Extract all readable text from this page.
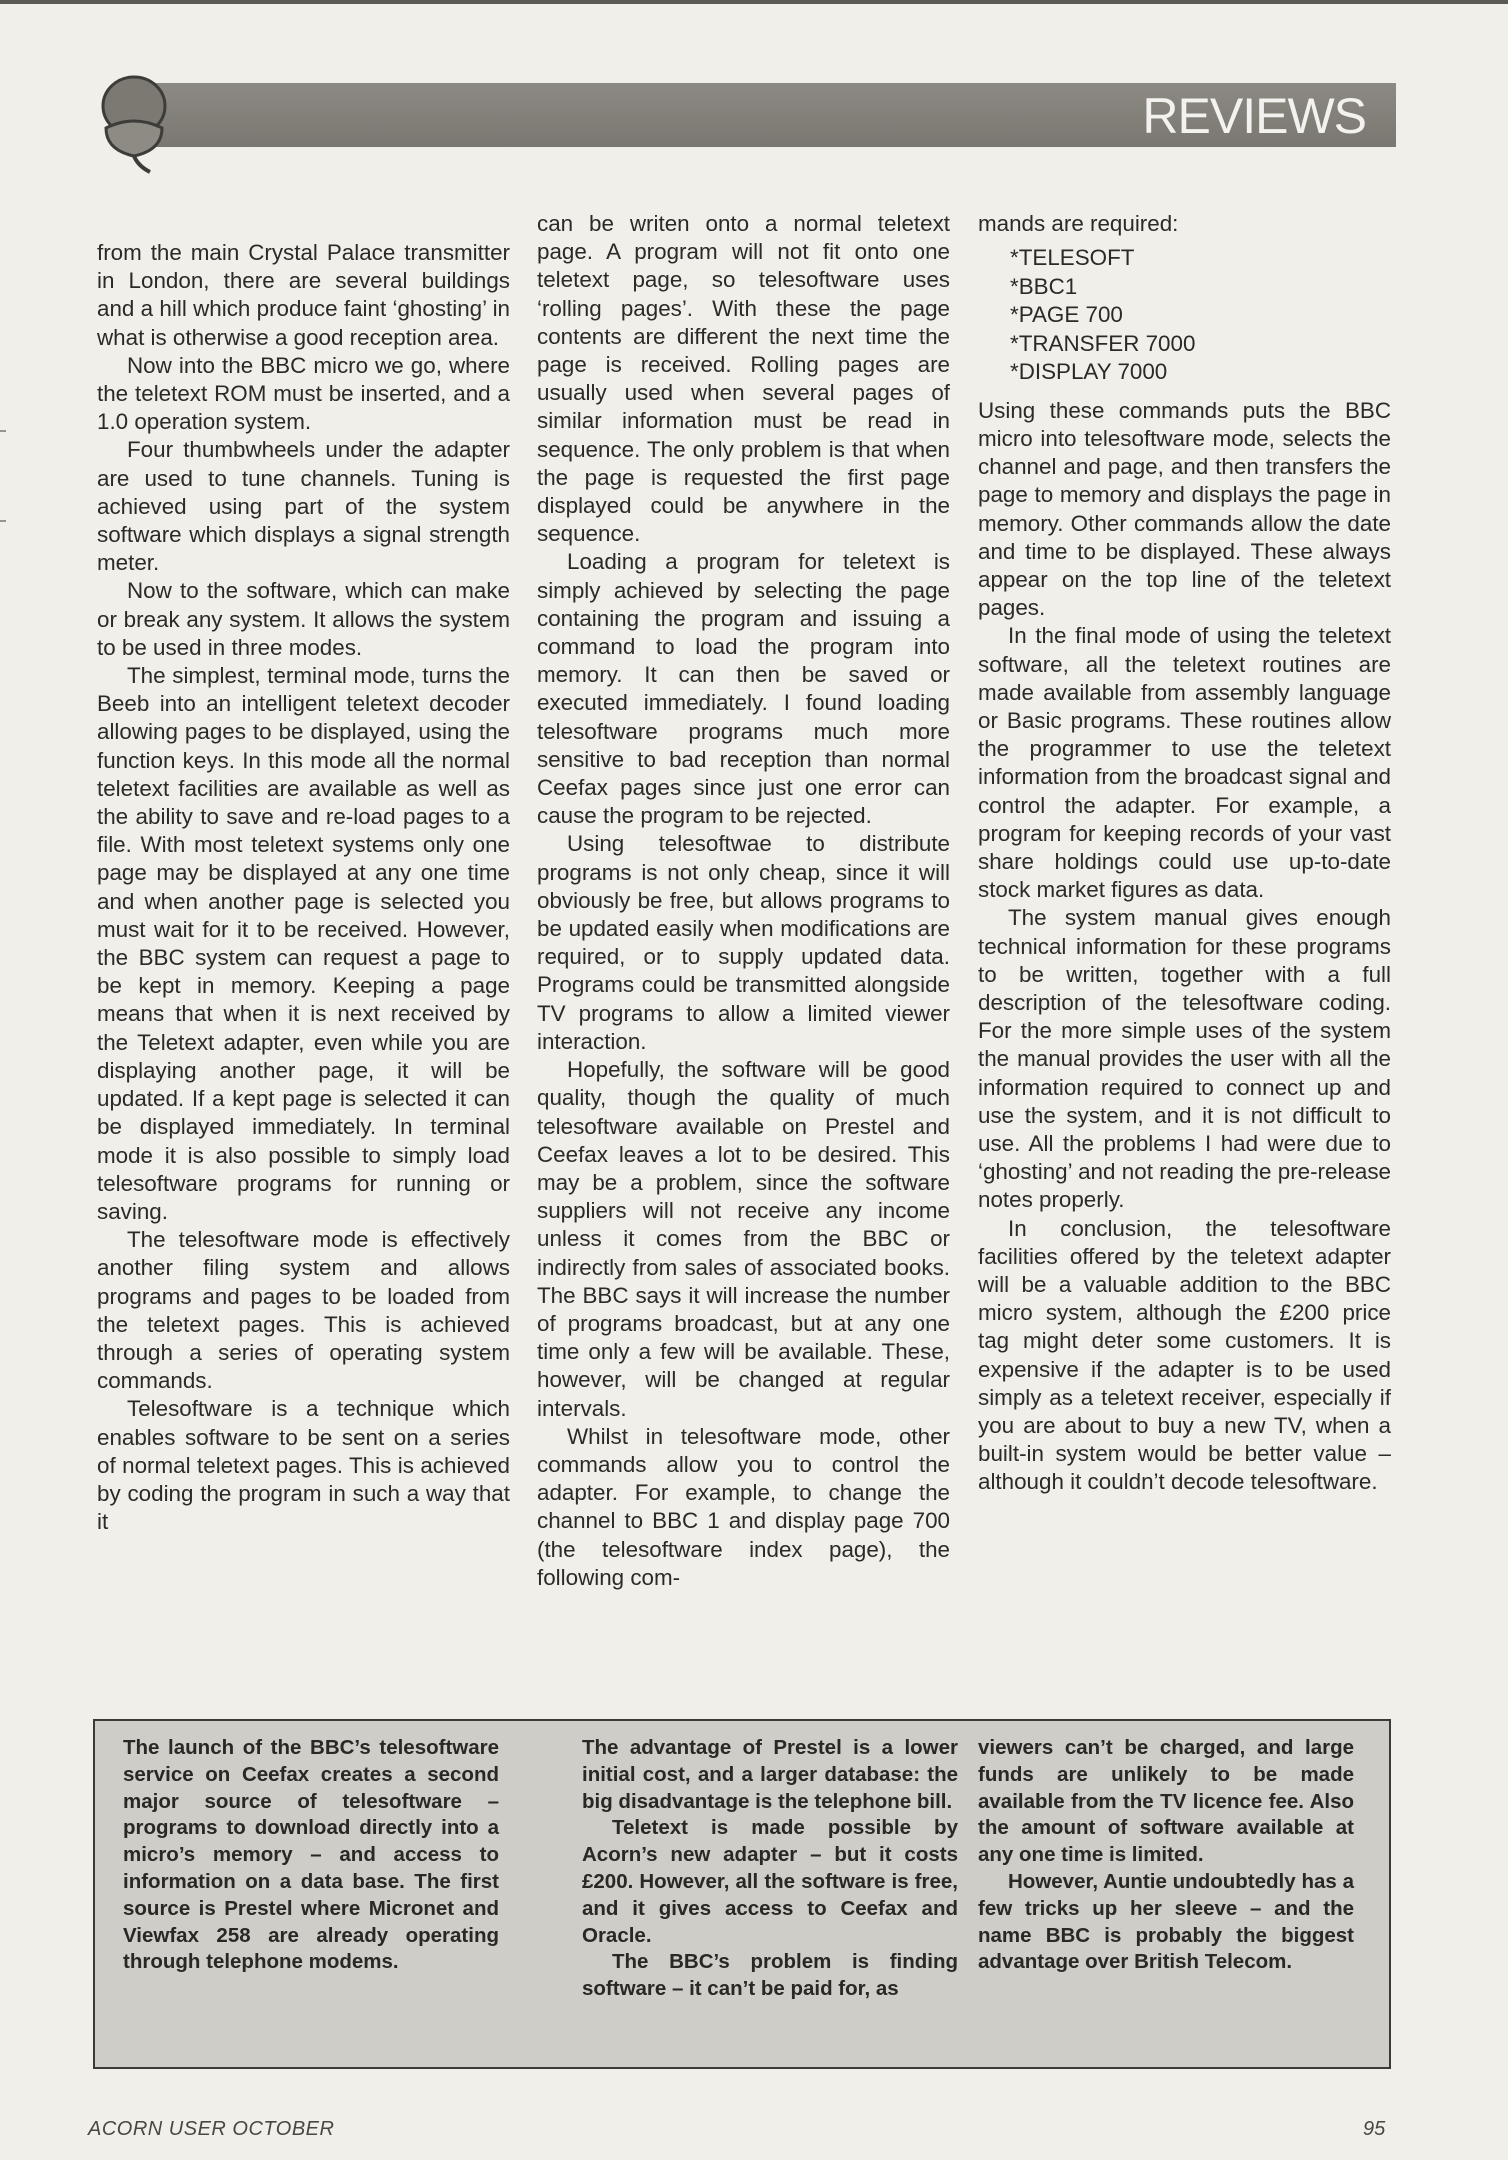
REVIEWS

from the main Crystal Palace transmitter in London, there are several buildings and a hill which produce faint ‘ghosting’ in what is otherwise a good reception area.

Now into the BBC micro we go, where the teletext ROM must be inserted, and a 1.0 operation system.

Four thumbwheels under the adapter are used to tune channels. Tuning is achieved using part of the system software which displays a signal strength meter.

Now to the software, which can make or break any system. It allows the system to be used in three modes.

The simplest, terminal mode, turns the Beeb into an intelligent teletext decoder allowing pages to be displayed, using the function keys. In this mode all the normal teletext facilities are available as well as the ability to save and re-load pages to a file. With most teletext systems only one page may be displayed at any one time and when another page is selected you must wait for it to be received. However, the BBC system can request a page to be kept in memory. Keeping a page means that when it is next received by the Teletext adapter, even while you are displaying another page, it will be updated. If a kept page is selected it can be displayed immediately. In terminal mode it is also possible to simply load telesoftware programs for running or saving.

The telesoftware mode is effectively another filing system and allows programs and pages to be loaded from the teletext pages. This is achieved through a series of operating system commands.

Telesoftware is a technique which enables software to be sent on a series of normal teletext pages. This is achieved by coding the program in such a way that it

can be writen onto a normal teletext page. A program will not fit onto one teletext page, so telesoftware uses ‘rolling pages’. With these the page contents are different the next time the page is received. Rolling pages are usually used when several pages of similar information must be read in sequence. The only problem is that when the page is requested the first page displayed could be anywhere in the sequence.

Loading a program for teletext is simply achieved by selecting the page containing the program and issuing a command to load the program into memory. It can then be saved or executed immediately. I found loading telesoftware programs much more sensitive to bad reception than normal Ceefax pages since just one error can cause the program to be rejected.

Using telesoftwae to distribute programs is not only cheap, since it will obviously be free, but allows programs to be updated easily when modifications are required, or to supply updated data. Programs could be transmitted alongside TV programs to allow a limited viewer interaction.

Hopefully, the software will be good quality, though the quality of much telesoftware available on Prestel and Ceefax leaves a lot to be desired. This may be a problem, since the software suppliers will not receive any income unless it comes from the BBC or indirectly from sales of associated books. The BBC says it will increase the number of programs broadcast, but at any one time only a few will be available. These, however, will be changed at regular intervals.

Whilst in telesoftware mode, other commands allow you to control the adapter. For example, to change the channel to BBC 1 and display page 700 (the telesoftware index page), the following com-

mands are required:

*TELESOFT
*BBC1
*PAGE 700
*TRANSFER 7000
*DISPLAY 7000

Using these commands puts the BBC micro into telesoftware mode, selects the channel and page, and then transfers the page to memory and displays the page in memory. Other commands allow the date and time to be displayed. These always appear on the top line of the teletext pages.

In the final mode of using the teletext software, all the teletext routines are made available from assembly language or Basic programs. These routines allow the programmer to use the teletext information from the broadcast signal and control the adapter. For example, a program for keeping records of your vast share holdings could use up-to-date stock market figures as data.

The system manual gives enough technical information for these programs to be written, together with a full description of the telesoftware coding. For the more simple uses of the system the manual provides the user with all the information required to connect up and use the system, and it is not difficult to use. All the problems I had were due to ‘ghosting’ and not reading the pre-release notes properly.

In conclusion, the telesoftware facilities offered by the teletext adapter will be a valuable addition to the BBC micro system, although the £200 price tag might deter some customers. It is expensive if the adapter is to be used simply as a teletext receiver, especially if you are about to buy a new TV, when a built-in system would be better value – although it couldn’t decode telesoftware.

The launch of the BBC’s telesoftware service on Ceefax creates a second major source of telesoftware – programs to download directly into a micro’s memory – and access to information on a data base. The first source is Prestel where Micronet and Viewfax 258 are already operating through telephone modems.

The advantage of Prestel is a lower initial cost, and a larger database: the big disadvantage is the telephone bill.

Teletext is made possible by Acorn’s new adapter – but it costs £200. However, all the software is free, and it gives access to Ceefax and Oracle.

The BBC’s problem is finding software – it can’t be paid for, as

viewers can’t be charged, and large funds are unlikely to be made available from the TV licence fee. Also the amount of software available at any one time is limited.

However, Auntie undoubtedly has a few tricks up her sleeve – and the name BBC is probably the biggest advantage over British Telecom.

ACORN USER OCTOBER	95
